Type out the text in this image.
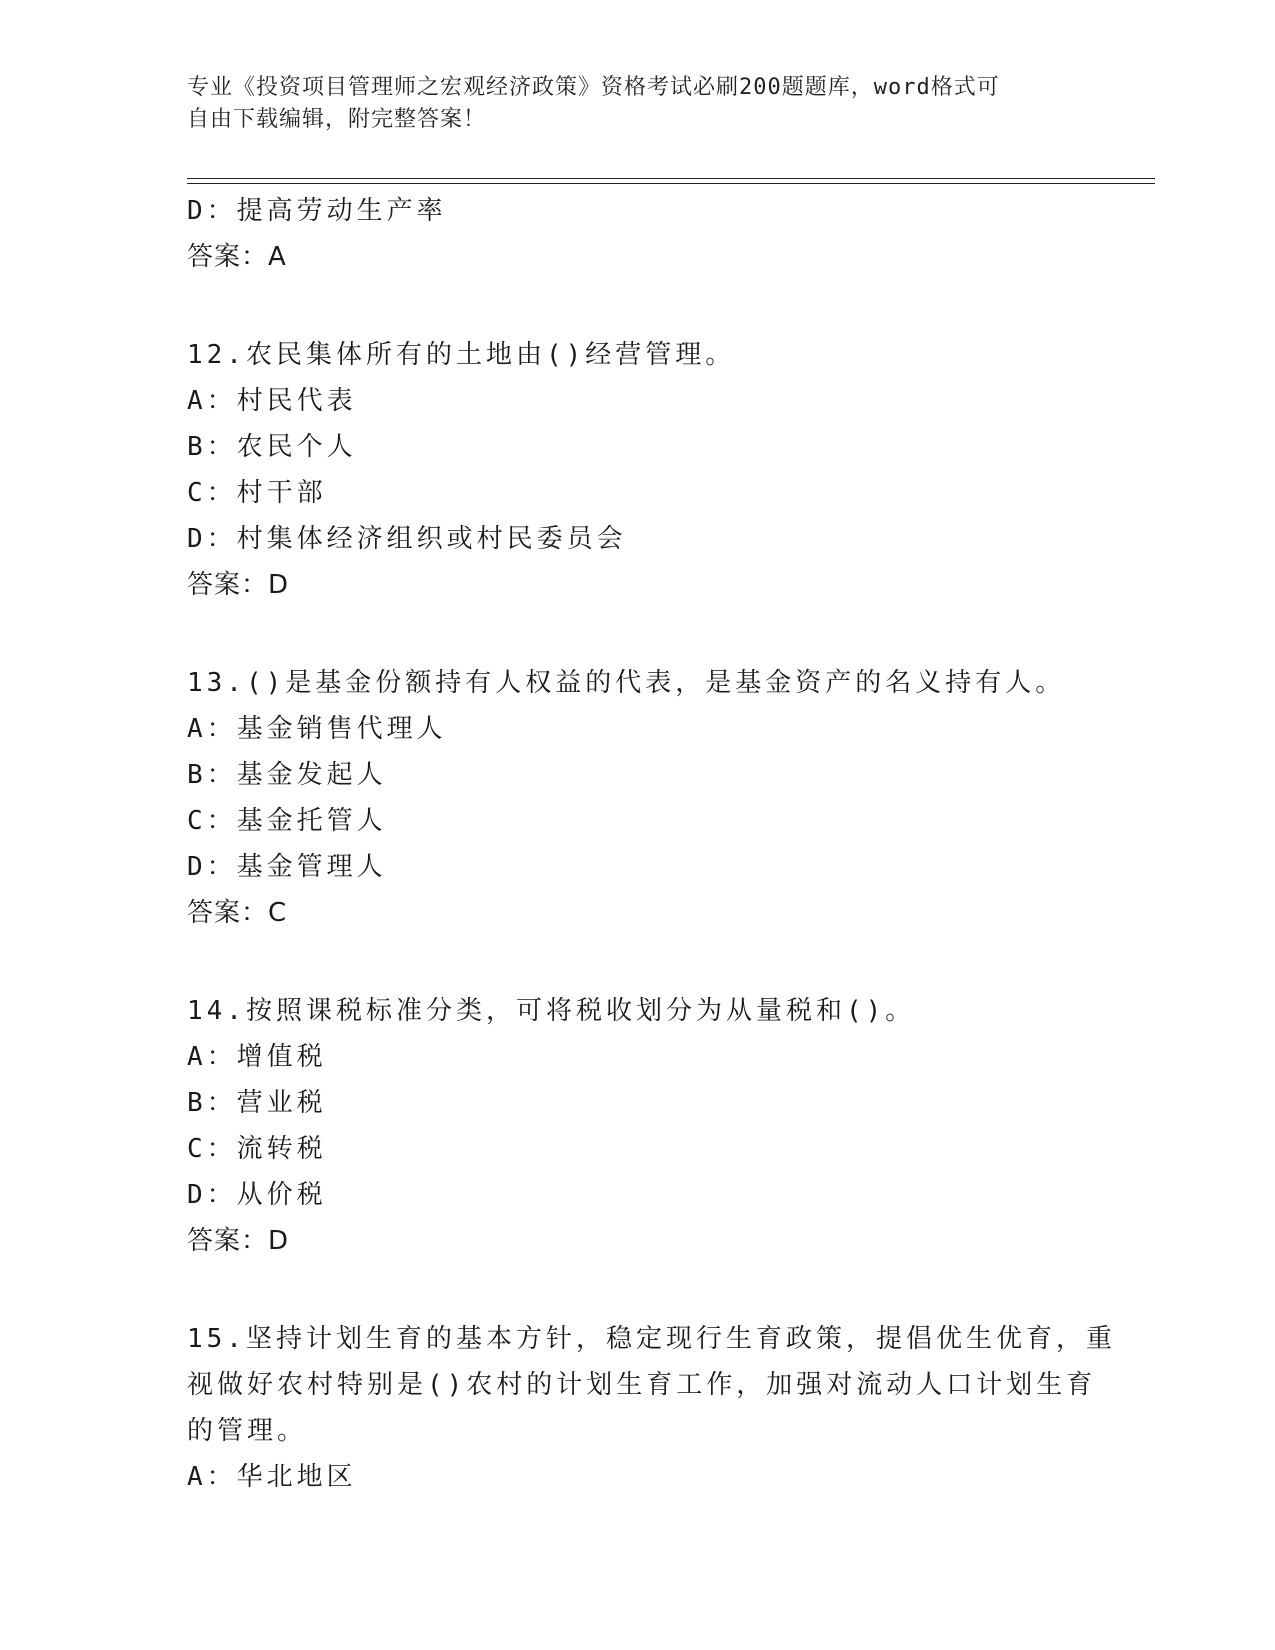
专业《投资项目管理师之宏观经济政策》资格考试必刷200题题库，word格式可
自由下载编辑，附完整答案！
D：提高劳动生产率
答案：A
12.农民集体所有的土地由()经营管理。
A：村民代表
B：农民个人
C：村干部
D：村集体经济组织或村民委员会
答案：D
13.()是基金份额持有人权益的代表，是基金资产的名义持有人。
A：基金销售代理人
B：基金发起人
C：基金托管人
D：基金管理人
答案：C
14.按照课税标准分类，可将税收划分为从量税和()。
A：增值税
B：营业税
C：流转税
D：从价税
答案：D
15.坚持计划生育的基本方针，稳定现行生育政策，提倡优生优育，重
视做好农村特别是()农村的计划生育工作，加强对流动人口计划生育
的管理。
A：华北地区
